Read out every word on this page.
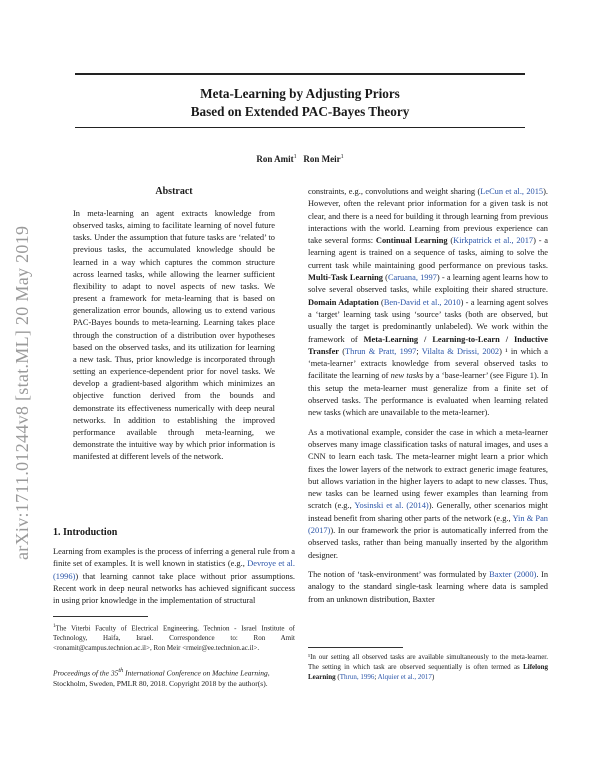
arXiv:1711.01244v8 [stat.ML] 20 May 2019
Meta-Learning by Adjusting Priors
Based on Extended PAC-Bayes Theory
Ron Amit$^1$ Ron Meir$^1$
Abstract
In meta-learning an agent extracts knowledge from observed tasks, aiming to facilitate learning of novel future tasks. Under the assumption that future tasks are ‘related’ to previous tasks, the accumulated knowledge should be learned in a way which captures the common structure across learned tasks, while allowing the learner sufficient flexibility to adapt to novel aspects of new tasks. We present a framework for meta-learning that is based on generalization error bounds, allowing us to extend various PAC-Bayes bounds to meta-learning. Learning takes place through the construction of a distribution over hypotheses based on the observed tasks, and its utilization for learning a new task. Thus, prior knowledge is incorporated through setting an experience-dependent prior for novel tasks. We develop a gradient-based algorithm which minimizes an objective function derived from the bounds and demonstrate its effectiveness numerically with deep neural networks. In addition to establishing the improved performance available through meta-learning, we demonstrate the intuitive way by which prior information is manifested at different levels of the network.
1. Introduction
Learning from examples is the process of inferring a general rule from a finite set of examples. It is well known in statistics (e.g., Devroye et al. (1996)) that learning cannot take place without prior assumptions. Recent work in deep neural networks has achieved significant success in using prior knowledge in the implementation of structural
$^1$The Viterbi Faculty of Electrical Engineering, Technion - Israel Institute of Technology, Haifa, Israel. Correspondence to: Ron Amit <ronamit@campus.technion.ac.il>, Ron Meir <rmeir@ee.technion.ac.il>.
Proceedings of the 35th International Conference on Machine Learning, Stockholm, Sweden, PMLR 80, 2018. Copyright 2018 by the author(s).

constraints, e.g., convolutions and weight sharing (LeCun et al., 2015). However, often the relevant prior information for a given task is not clear, and there is a need for building it through learning from previous interactions with the world. Learning from previous experience can take several forms: Continual Learning (Kirkpatrick et al., 2017) - a learning agent is trained on a sequence of tasks, aiming to solve the current task while maintaining good performance on previous tasks. Multi-Task Learning (Caruana, 1997) - a learning agent learns how to solve several observed tasks, while exploiting their shared structure. Domain Adaptation (Ben-David et al., 2010) - a learning agent solves a ‘target’ learning task using ‘source’ tasks (both are observed, but usually the target is predominantly unlabeled). We work within the framework of Meta-Learning / Learning-to-Learn / Inductive Transfer (Thrun & Pratt, 1997; Vilalta & Drissi, 2002) ¹ in which a ‘meta-learner’ extracts knowledge from several observed tasks to facilitate the learning of new tasks by a ‘base-learner’ (see Figure 1). In this setup the meta-learner must generalize from a finite set of observed tasks. The performance is evaluated when learning related new tasks (which are unavailable to the meta-learner).

As a motivational example, consider the case in which a meta-learner observes many image classification tasks of natural images, and uses a CNN to learn each task. The meta-learner might learn a prior which fixes the lower layers of the network to extract generic image features, but allows variation in the higher layers to adapt to new classes. Thus, new tasks can be learned using fewer examples than learning from scratch (e.g., Yosinski et al. (2014)). Generally, other scenarios might instead benefit from sharing other parts of the network (e.g., Yin & Pan (2017)). In our framework the prior is automatically inferred from the observed tasks, rather than being manually inserted by the algorithm designer.

The notion of ‘task-environment’ was formulated by Baxter (2000). In analogy to the standard single-task learning where data is sampled from an unknown distribution, Baxter

¹In our setting all observed tasks are available simultaneously to the meta-learner. The setting in which task are observed sequentially is often termed as Lifelong Learning (Thrun, 1996; Alquier et al., 2017)
